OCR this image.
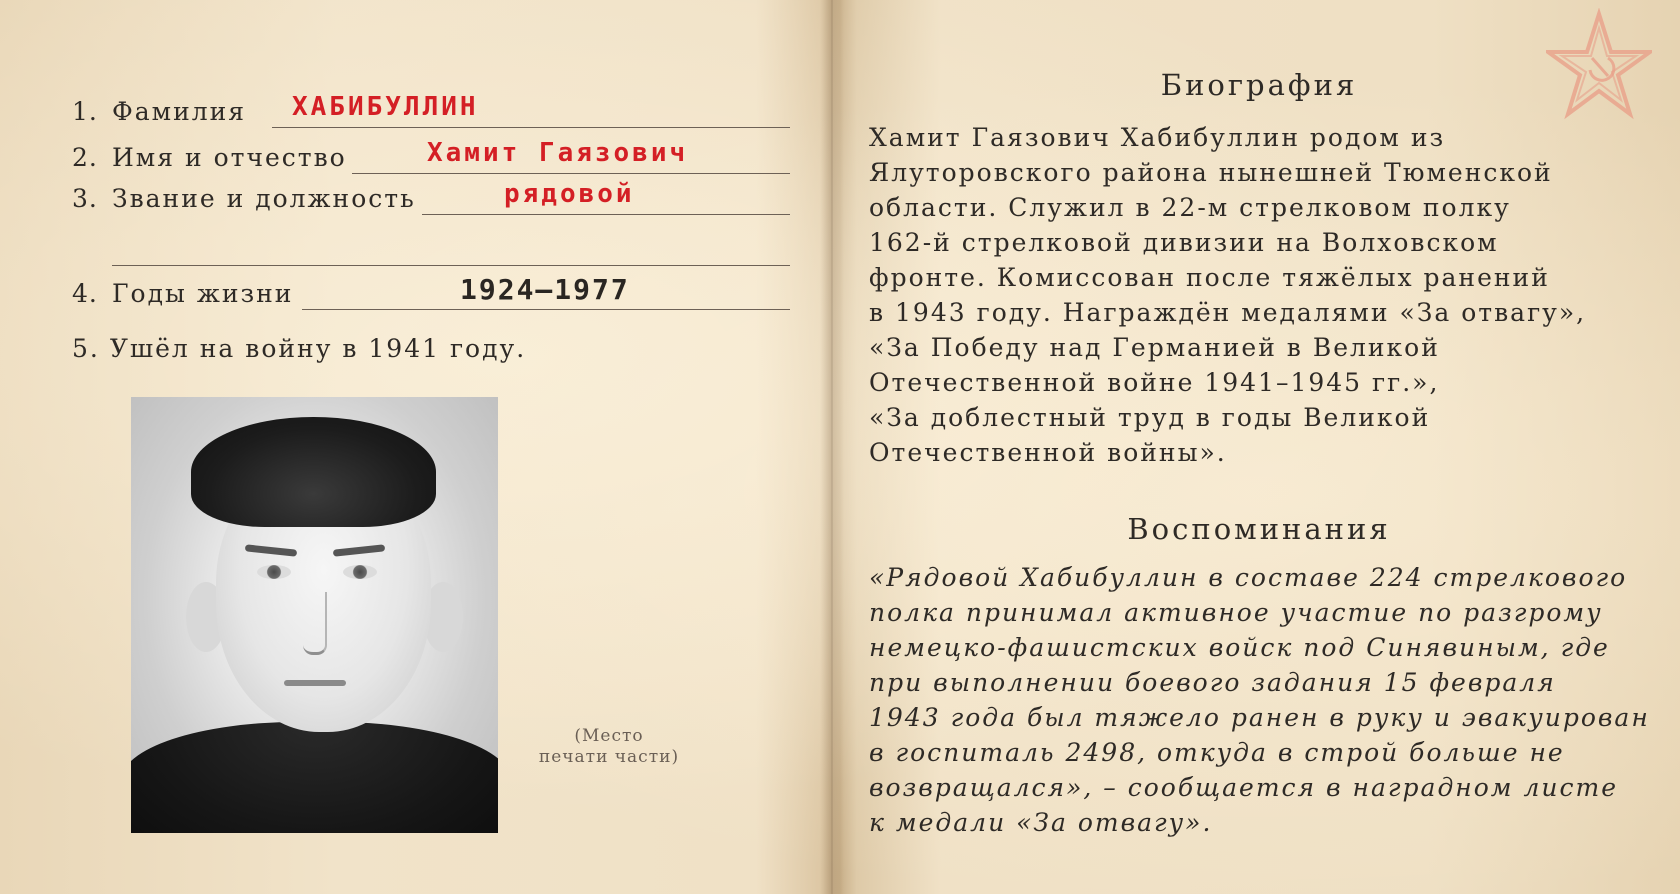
1. Фамилия ХАБИБУЛЛИН
2. Имя и отчество	Хамит Гаязович
3. Звание и должность	рядовой
4. Годы жизни	1924—1977
5. Ушёл на войну в 1941 году.
(Место
печати части)
Биография

Хамит Гаязович Хабибуллин родом из
Ялуторовского района нынешней Тюменской
области. Служил в 22-м стрелковом полку
162-й стрелковой дивизии на Волховском
фронте. Комиссован после тяжёлых ранений
в 1943 году. Награждён медалями «За отвагу»,
«За Победу над Германией в Великой
Отечественной войне 1941–1945 гг.»,
«За доблестный труд в годы Великой
Отечественной войны».

Воспоминания

«Рядовой Хабибуллин в составе 224 стрелкового
полка принимал активное участие по разгрому
немецко-фашистских войск под Синявиным, где
при выполнении боевого задания 15 февраля
1943 года был тяжело ранен в руку и эвакуирован
в госпиталь 2498, откуда в строй больше не
возвращался», – сообщается в наградном листе
к медали «За отвагу».
